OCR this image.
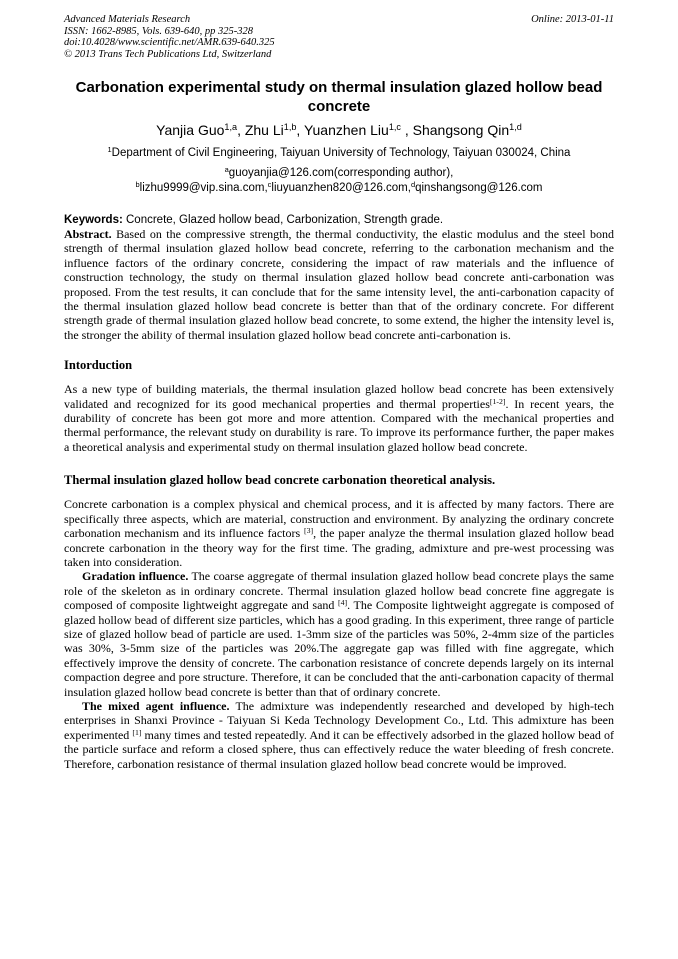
Advanced Materials Research
ISSN: 1662-8985, Vols. 639-640, pp 325-328
doi:10.4028/www.scientific.net/AMR.639-640.325
© 2013 Trans Tech Publications Ltd, Switzerland
Online: 2013-01-11
Carbonation experimental study on thermal insulation glazed hollow bead concrete
Yanjia Guo$^{1,a}$, Zhu Li$^{1,b}$, Yuanzhen Liu$^{1,c}$ , Shangsong Qin$^{1,d}$
$^1$Department of Civil Engineering, Taiyuan University of Technology, Taiyuan 030024, China
$^a$guoyanjia@126.com(corresponding author),
$^b$lizhu9999@vip.sina.com,$^c$liuyuanzhen820@126.com,$^d$qinshangsong@126.com
Keywords: Concrete, Glazed hollow bead, Carbonization, Strength grade.

Abstract. Based on the compressive strength, the thermal conductivity, the elastic modulus and the steel bond strength of thermal insulation glazed hollow bead concrete, referring to the carbonation mechanism and the influence factors of the ordinary concrete, considering the impact of raw materials and the influence of construction technology, the study on thermal insulation glazed hollow bead concrete anti-carbonation was proposed. From the test results, it can conclude that for the same intensity level, the anti-carbonation capacity of the thermal insulation glazed hollow bead concrete is better than that of the ordinary concrete. For different strength grade of thermal insulation glazed hollow bead concrete, to some extend, the higher the intensity level is, the stronger the ability of thermal insulation glazed hollow bead concrete anti-carbonation is.

Intorduction

As a new type of building materials, the thermal insulation glazed hollow bead concrete has been extensively validated and recognized for its good mechanical properties and thermal properties[1-2]. In recent years, the durability of concrete has been got more and more attention. Compared with the mechanical properties and thermal performance, the relevant study on durability is rare. To improve its performance further, the paper makes a theoretical analysis and experimental study on thermal insulation glazed hollow bead concrete.

Thermal insulation glazed hollow bead concrete carbonation theoretical analysis.

Concrete carbonation is a complex physical and chemical process, and it is affected by many factors. There are specifically three aspects, which are material, construction and environment. By analyzing the ordinary concrete carbonation mechanism and its influence factors [3], the paper analyze the thermal insulation glazed hollow bead concrete carbonation in the theory way for the first time. The grading, admixture and pre-west processing was taken into consideration.

Gradation influence. The coarse aggregate of thermal insulation glazed hollow bead concrete plays the same role of the skeleton as in ordinary concrete. Thermal insulation glazed hollow bead concrete fine aggregate is composed of composite lightweight aggregate and sand [4]. The Composite lightweight aggregate is composed of glazed hollow bead of different size particles, which has a good grading. In this experiment, three range of particle size of glazed hollow bead of particle are used. 1-3mm size of the particles was 50%, 2-4mm size of the particles was 30%, 3-5mm size of the particles was 20%.The aggregate gap was filled with fine aggregate, which effectively improve the density of concrete. The carbonation resistance of concrete depends largely on its internal compaction degree and pore structure. Therefore, it can be concluded that the anti-carbonation capacity of thermal insulation glazed hollow bead concrete is better than that of ordinary concrete.

The mixed agent influence. The admixture was independently researched and developed by high-tech enterprises in Shanxi Province - Taiyuan Si Keda Technology Development Co., Ltd. This admixture has been experimented [1] many times and tested repeatedly. And it can be effectively adsorbed in the glazed hollow bead of the particle surface and reform a closed sphere, thus can effectively reduce the water bleeding of fresh concrete. Therefore, carbonation resistance of thermal insulation glazed hollow bead concrete would be improved.
